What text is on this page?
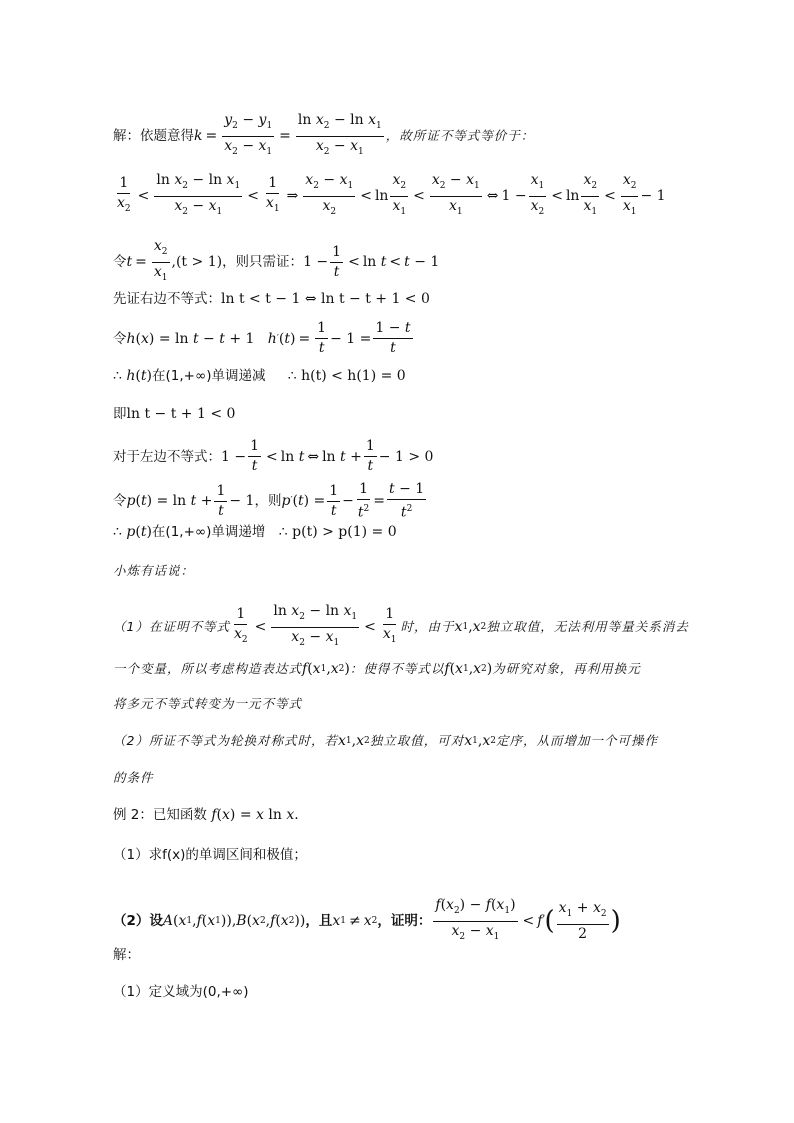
解：依题意得 $k = \frac{y_2 - y_1}{x_2 - x_1} = \frac{\ln x_2 - \ln x_1}{x_2 - x_1}$ ，故所证不等式等价于：
$\frac{1}{x_2} < \frac{\ln x_2 - \ln x_1}{x_2 - x_1} < \frac{1}{x_1}$ ⇒ $\frac{x_2 - x_1}{x_2} < \ln \frac{x_2}{x_1} < \frac{x_2 - x_1}{x_1}$ ⇔ $1 - \frac{x_1}{x_2} < \ln \frac{x_2}{x_1} < \frac{x_2}{x_1} - 1$
令 $t = \frac{x_2}{x_1}$ , (t > 1) ，则只需证： $1 - \frac{1}{t} < \ln$
t < t
− 1
先证右边不等式： ln t < t − 1 ⇔ ln t − t + 1 < 0
令 h ( x ) = ln
t
−
t
+ 1
h ′ ( t ) = $\frac{1}{t} - 1 = \frac{1 - t}{t}$
∴
h ( t ) 在(1,+∞)单调递减
∴
h(t) < h(1) = 0
即 ln t − t + 1 < 0
对于左边不等式： $1 - \frac{1}{t} < \ln$
t ⇔ ln
t
+ $\frac{1}{t} - 1 > 0$
令 p ( t ) = ln
t
+ $\frac{1}{t} - 1$ ，则 p ′ ( t ) = $\frac{1}{t} - \frac{1}{t^2} = \frac{t - 1}{t^2}$
∴
p ( t ) 在(1,+∞)单调递增
∴
p(t) > p(1) = 0
小炼有话说：
（1）在证明不等式 $\frac{1}{x_2} < \frac{\ln x_2 - \ln x_1}{x_2 - x_1} < \frac{1}{x_1}$ 时，由于 x 1 , x 2 独立取值，无法利用等量关系消去
一个变量，所以考虑构造表达式 f ( x 1 , x 2 ) ：使得不等式以 f ( x 1 , x 2 ) 为研究对象，再利用换元
将多元不等式转变为一元不等式
（2）所证不等式为轮换对称式时，若 x 1 , x 2 独立取值，可对 x 1 , x 2 定序，从而增加一个可操作
的条件
例 2：已知函数
f ( x ) =
x
ln
x .
（1）求f(x)的单调区间和极值；
（2）设 A ( x 1 , f ( x 1 )), B ( x 2 , f ( x 2 )) ，且 x 1 ≠ x 2 ，证明： $\frac{f(x_2) - f(x_1)}{x_2 - x_1} < f$ ′ ( $\frac{x_1 + x_2}{2}$ )
解：
（1）定义域为(0,+∞)
